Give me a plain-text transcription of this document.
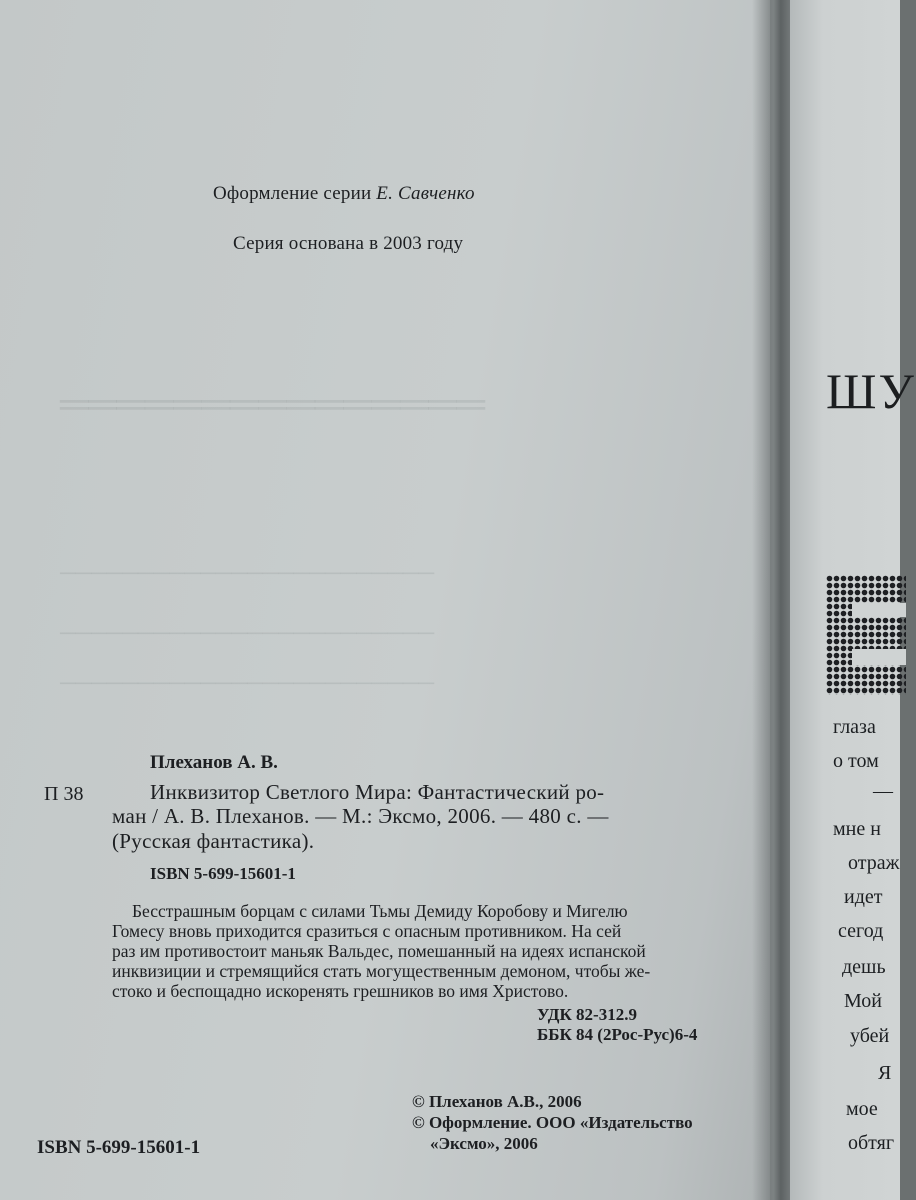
═══════════════
────────────────────────
────────────────────────
────────────────────────
Оформление серии Е. Савченко
Серия основана в 2003 году
Плеханов А. В.
П 38	Инквизитор Светлого Мира: Фантастический ро-
ман / А. В. Плеханов. — М.: Эксмо, 2006. — 480 с. —
(Русская фантастика).
ISBN 5-699-15601-1
Бесстрашным борцам с силами Тьмы Демиду Коробову и Мигелю
Гомесу вновь приходится сразиться с опасным противником. На сей
раз им противостоит маньяк Вальдес, помешанный на идеях испанской
инквизиции и стремящийся стать могущественным демоном, чтобы же-
стоко и беспощадно искоренять грешников во имя Христово.
УДК 82-312.9
ББК 84 (2Рос-Рус)6-4
ISBN 5-699-15601-1
© Плеханов А.В., 2006
© Оформление. ООО «Издательство
«Эксмо», 2006
ШУ
глаза
о том
—
мне н
отраж
идет
сегод
дешь
Мой
убей
Я
мое
обтяг
